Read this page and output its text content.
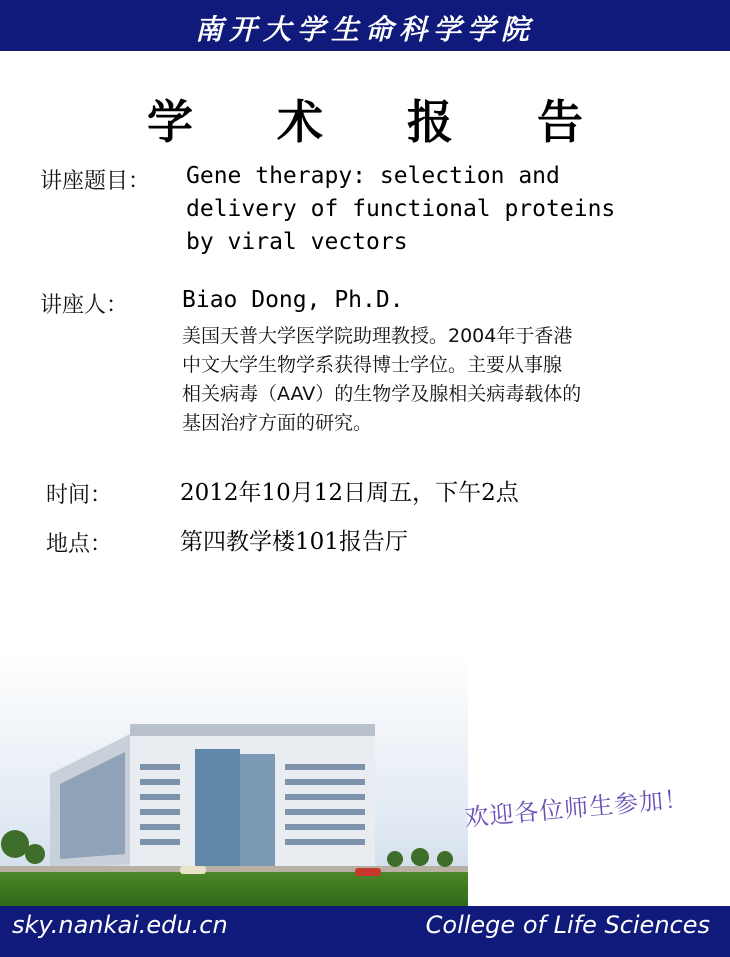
南开大学生命科学学院
学 术 报 告
讲座题目： Gene therapy: selection and
delivery of functional proteins
by viral vectors
讲座人： Biao Dong, Ph.D.
美国天普大学医学院助理教授。2004年于香港
中文大学生物学系获得博士学位。主要从事腺
相关病毒（AAV）的生物学及腺相关病毒载体的
基因治疗方面的研究。
时间：	2012年10月12日周五，下午2点
地点：	第四教学楼101报告厅
欢迎各位师生参加！
sky.nankai.edu.cn	College of Life Sciences
